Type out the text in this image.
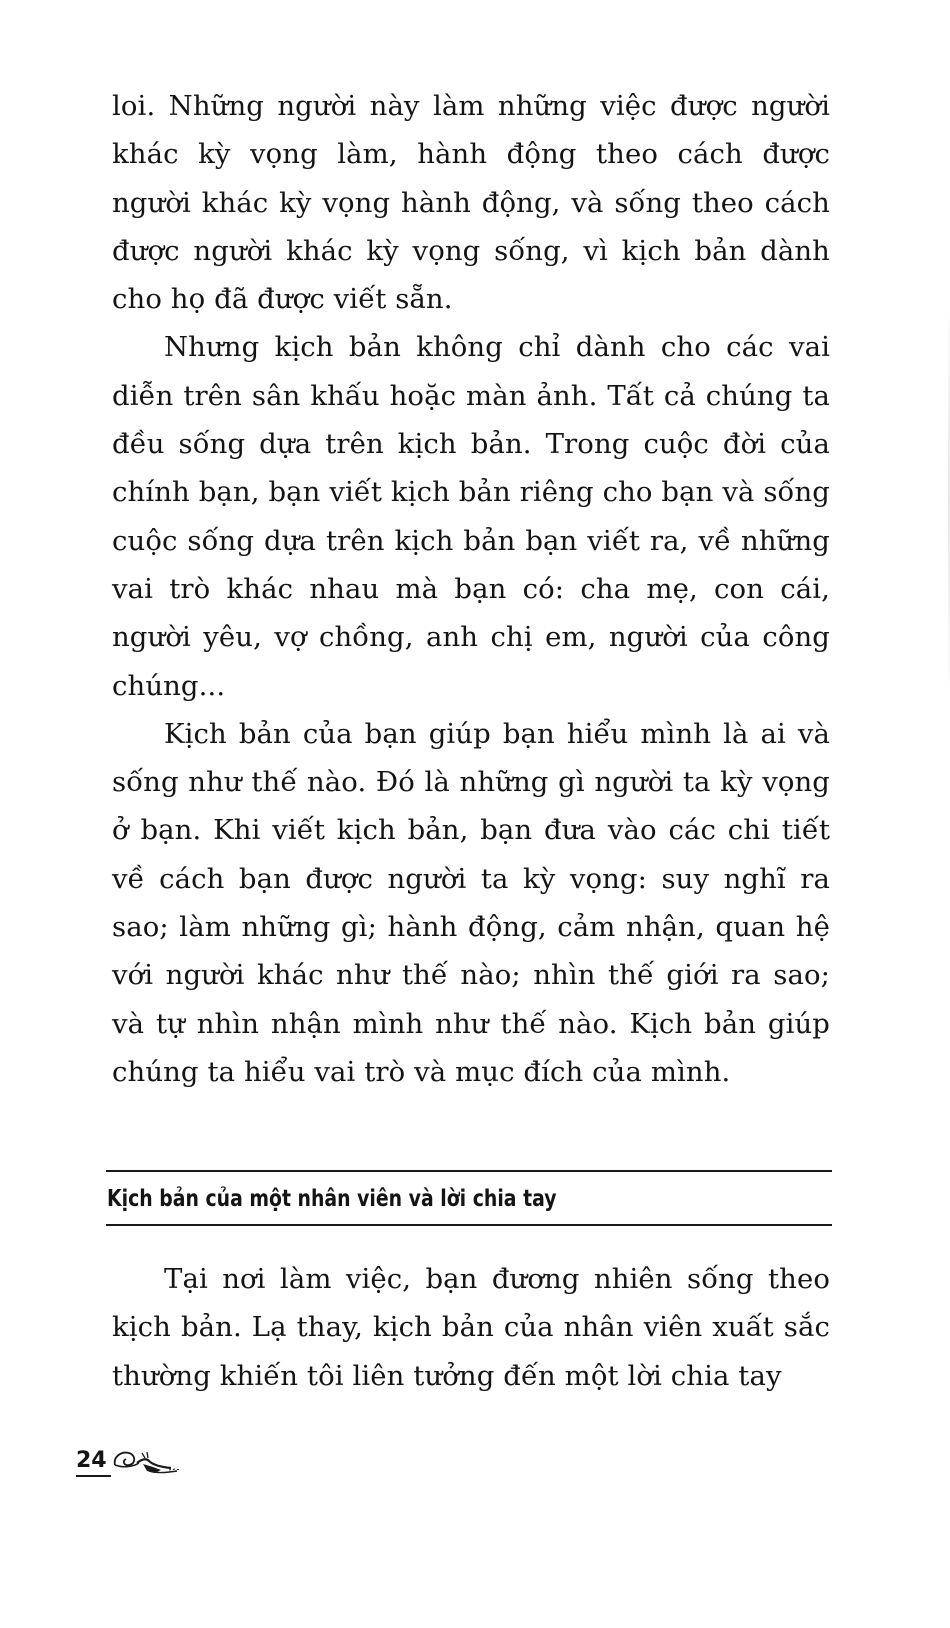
loi. Những người này làm những việc được người khác kỳ vọng làm, hành động theo cách được người khác kỳ vọng hành động, và sống theo cách được người khác kỳ vọng sống, vì kịch bản dành cho họ đã được viết sẵn.

Nhưng kịch bản không chỉ dành cho các vai diễn trên sân khấu hoặc màn ảnh. Tất cả chúng ta đều sống dựa trên kịch bản. Trong cuộc đời của chính bạn, bạn viết kịch bản riêng cho bạn và sống cuộc sống dựa trên kịch bản bạn viết ra, về những vai trò khác nhau mà bạn có: cha mẹ, con cái, người yêu, vợ chồng, anh chị em, người của công chúng...

Kịch bản của bạn giúp bạn hiểu mình là ai và sống như thế nào. Đó là những gì người ta kỳ vọng ở bạn. Khi viết kịch bản, bạn đưa vào các chi tiết về cách bạn được người ta kỳ vọng: suy nghĩ ra sao; làm những gì; hành động, cảm nhận, quan hệ với người khác như thế nào; nhìn thế giới ra sao; và tự nhìn nhận mình như thế nào. Kịch bản giúp chúng ta hiểu vai trò và mục đích của mình.

Kịch bản của một nhân viên và lời chia tay

Tại nơi làm việc, bạn đương nhiên sống theo kịch bản. Lạ thay, kịch bản của nhân viên xuất sắc thường khiến tôi liên tưởng đến một lời chia tay

24
